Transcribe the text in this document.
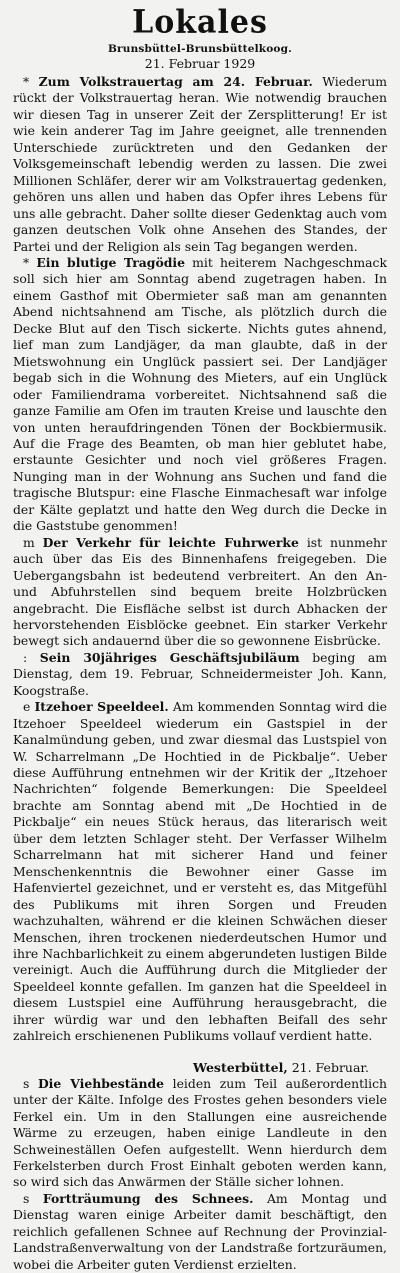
Lokales
Brunsbüttel-Brunsbüttelkoog.
21. Februar 1929

* Zum Volkstrauertag am 24. Februar. Wiederum rückt der Volkstrauertag heran. Wie notwendig brauchen wir diesen Tag in unserer Zeit der Zersplitterung! Er ist wie kein anderer Tag im Jahre geeignet, alle trennenden Unterschiede zurücktreten und den Gedanken der Volksgemeinschaft lebendig werden zu lassen. Die zwei Millionen Schläfer, derer wir am Volkstrauertag gedenken, gehören uns allen und haben das Opfer ihres Lebens für uns alle gebracht. Daher sollte dieser Gedenktag auch vom ganzen deutschen Volk ohne Ansehen des Standes, der Partei und der Religion als sein Tag begangen werden.

* Ein blutige Tragödie mit heiterem Nachgeschmack soll sich hier am Sonntag abend zugetragen haben. In einem Gasthof mit Obermieter saß man am genannten Abend nichtsahnend am Tische, als plötzlich durch die Decke Blut auf den Tisch sickerte. Nichts gutes ahnend, lief man zum Landjäger, da man glaubte, daß in der Mietswohnung ein Unglück passiert sei. Der Landjäger begab sich in die Wohnung des Mieters, auf ein Unglück oder Familiendrama vorbereitet. Nichtsahnend saß die ganze Familie am Ofen im trauten Kreise und lauschte den von unten heraufdringenden Tönen der Bockbiermusik. Auf die Frage des Beamten, ob man hier geblutet habe, erstaunte Gesichter und noch viel größeres Fragen. Nunging man in der Wohnung ans Suchen und fand die tragische Blutspur: eine Flasche Einmachesaft war infolge der Kälte geplatzt und hatte den Weg durch die Decke in die Gaststube genommen!

m Der Verkehr für leichte Fuhrwerke ist nunmehr auch über das Eis des Binnenhafens freigegeben. Die Uebergangsbahn ist bedeutend verbreitert. An den An- und Abfuhrstellen sind bequem breite Holzbrücken angebracht. Die Eisfläche selbst ist durch Abhacken der hervorstehenden Eisblöcke geebnet. Ein starker Verkehr bewegt sich andauernd über die so gewonnene Eisbrücke.

: Sein 30jähriges Geschäftsjubiläum beging am Dienstag, dem 19. Februar, Schneidermeister Joh. Kann, Koogstraße.

e Itzehoer Speeldeel. Am kommenden Sonntag wird die Itzehoer Speeldeel wiederum ein Gastspiel in der Kanalmündung geben, und zwar diesmal das Lustspiel von W. Scharrelmann „De Hochtied in de Pickbalje“. Ueber diese Aufführung entnehmen wir der Kritik der „Itzehoer Nachrichten“ folgende Bemerkungen: Die Speeldeel brachte am Sonntag abend mit „De Hochtied in de Pickbalje“ ein neues Stück heraus, das literarisch weit über dem letzten Schlager steht. Der Verfasser Wilhelm Scharrelmann hat mit sicherer Hand und feiner Menschenkenntnis die Bewohner einer Gasse im Hafenviertel gezeichnet, und er versteht es, das Mitgefühl des Publikums mit ihren Sorgen und Freuden wachzuhalten, während er die kleinen Schwächen dieser Menschen, ihren trockenen niederdeutschen Humor und ihre Nachbarlichkeit zu einem abgerundeten lustigen Bilde vereinigt. Auch die Aufführung durch die Mitglieder der Speeldeel konnte gefallen. Im ganzen hat die Speeldeel in diesem Lustspiel eine Aufführung herausgebracht, die ihrer würdig war und den lebhaften Beifall des sehr zahlreich erschienenen Publikums vollauf verdient hatte.

Westerbüttel, 21. Februar.

s Die Viehbestände leiden zum Teil außerordentlich unter der Kälte. Infolge des Frostes gehen besonders viele Ferkel ein. Um in den Stallungen eine ausreichende Wärme zu erzeugen, haben einige Landleute in den Schweineställen Oefen aufgestellt. Wenn hierdurch dem Ferkelsterben durch Frost Einhalt geboten werden kann, so wird sich das Anwärmen der Ställe sicher lohnen.

s Fortträumung des Schnees. Am Montag und Dienstag waren einige Arbeiter damit beschäftigt, den reichlich gefallenen Schnee auf Rechnung der Provinzial-Landstraßenverwaltung von der Landstraße fortzuräumen, wobei die Arbeiter guten Verdienst erzielten.
